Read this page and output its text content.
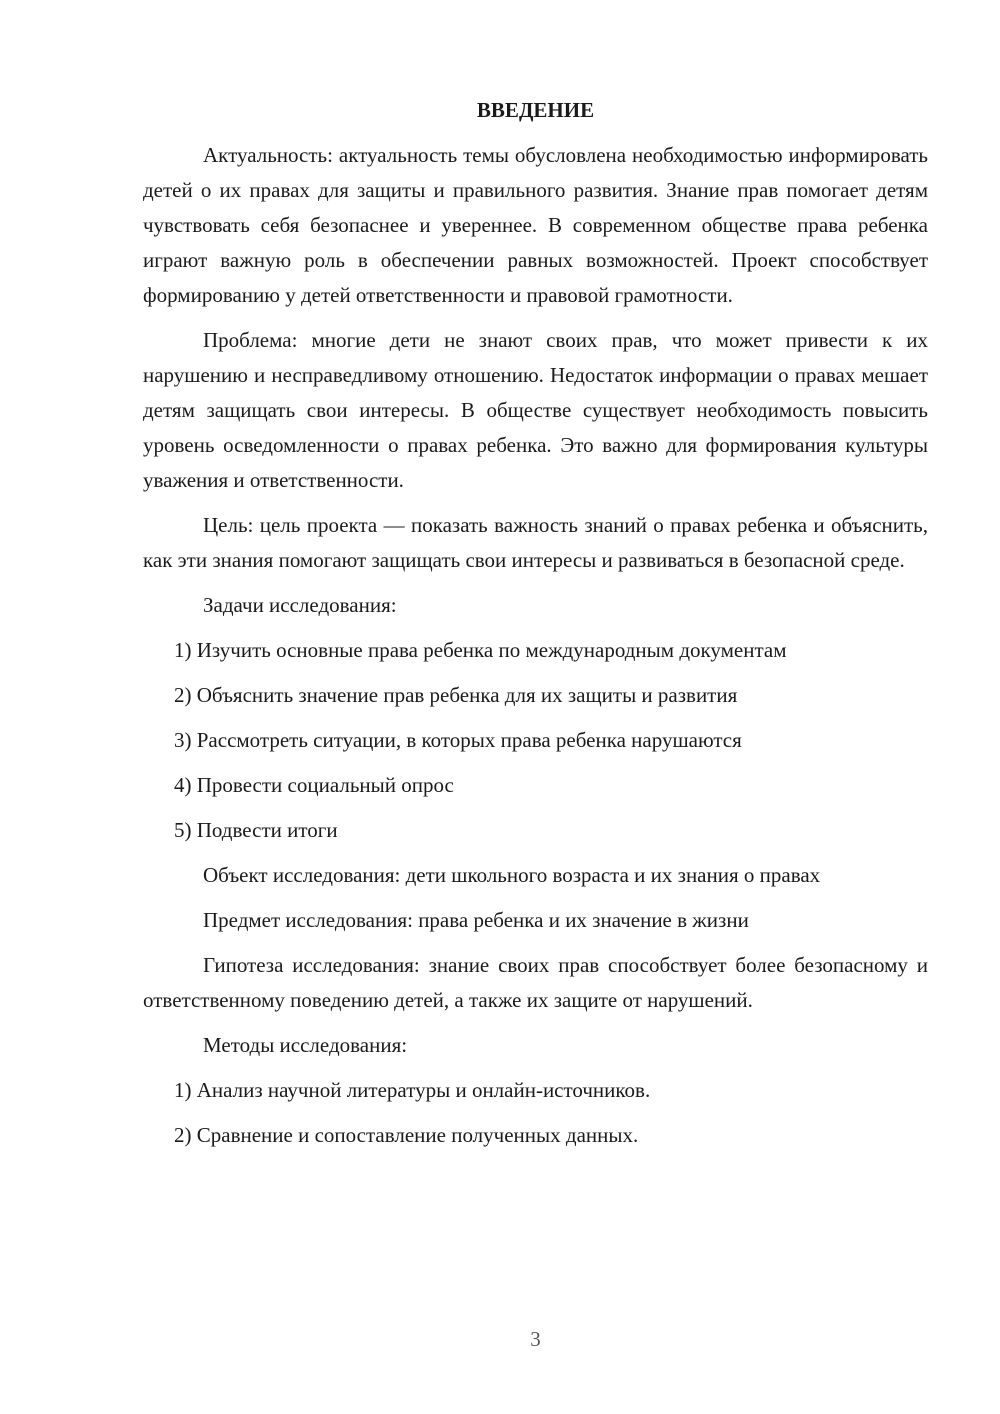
ВВЕДЕНИЕ

Актуальность: актуальность темы обусловлена необходимостью информировать детей о их правах для защиты и правильного развития. Знание прав помогает детям чувствовать себя безопаснее и увереннее. В современном обществе права ребенка играют важную роль в обеспечении равных возможностей. Проект способствует формированию у детей ответственности и правовой грамотности.

Проблема: многие дети не знают своих прав, что может привести к их нарушению и несправедливому отношению. Недостаток информации о правах мешает детям защищать свои интересы. В обществе существует необходимость повысить уровень осведомленности о правах ребенка. Это важно для формирования культуры уважения и ответственности.

Цель: цель проекта — показать важность знаний о правах ребенка и объяснить, как эти знания помогают защищать свои интересы и развиваться в безопасной среде.

Задачи исследования:

1) Изучить основные права ребенка по международным документам
2) Объяснить значение прав ребенка для их защиты и развития
3) Рассмотреть ситуации, в которых права ребенка нарушаются
4) Провести социальный опрос
5) Подвести итоги

Объект исследования: дети школьного возраста и их знания о правах

Предмет исследования: права ребенка и их значение в жизни

Гипотеза исследования: знание своих прав способствует более безопасному и ответственному поведению детей, а также их защите от нарушений.

Методы исследования:

1) Анализ научной литературы и онлайн-источников.
2) Сравнение и сопоставление полученных данных.
3
